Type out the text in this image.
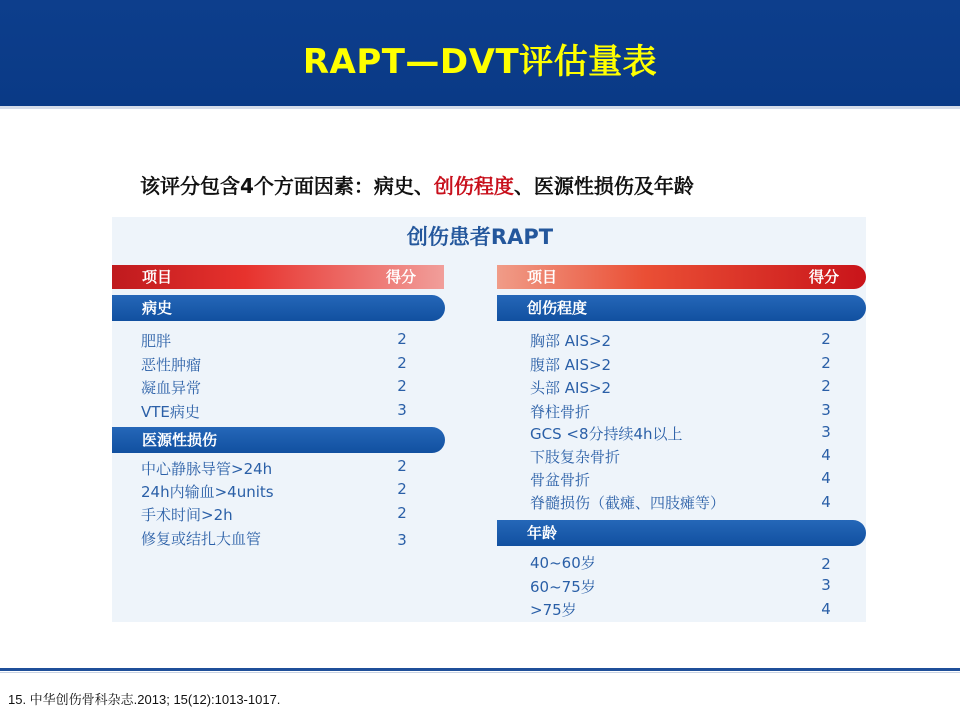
RAPT—DVT评估量表
该评分包含4个方面因素：病史、创伤程度、医源性损伤及年龄
创伤患者RAPT
项目	得分
病史
肥胖	2
恶性肿瘤	2
凝血异常	2
VTE病史	3
医源性损伤
中心静脉导管>24h	2
24h内输血>4units	2
手术时间>2h	2
修复或结扎大血管	3
项目	得分
创伤程度
胸部 AIS>2	2
腹部 AIS>2	2
头部 AIS>2	2
脊柱骨折	3
GCS <8分持续4h以上	3
下肢复杂骨折	4
骨盆骨折	4
脊髓损伤（截瘫、四肢瘫等）	4
年龄
40~60岁	2
60~75岁	3
>75岁	4
15. 中华创伤骨科杂志.2013; 15(12):1013-1017.
